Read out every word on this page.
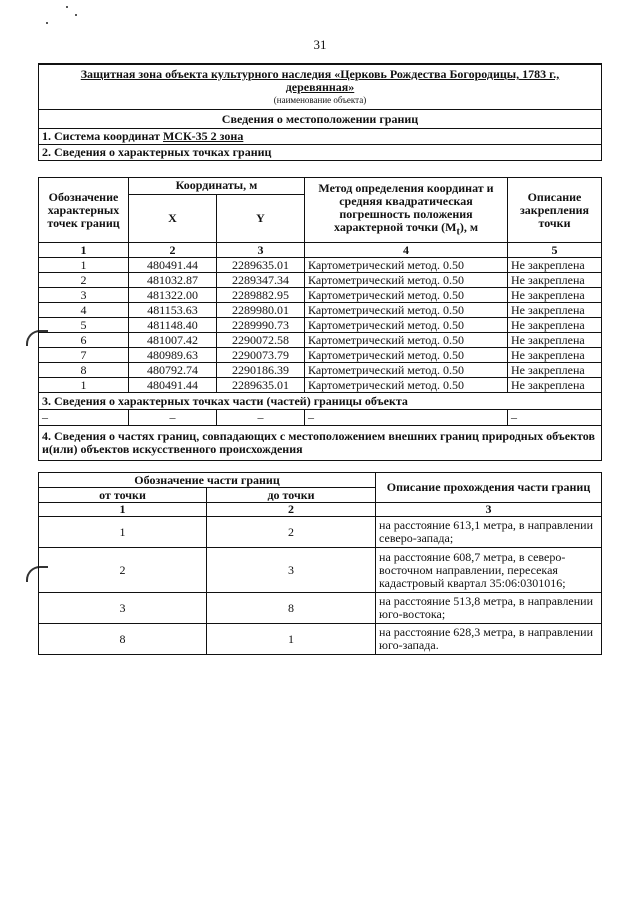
31
Защитная зона объекта культурного наследия «Церковь Рождества Богородицы, 1783 г.,
деревянная»
(наименование объекта)

Сведения о местоположении границ
1. Система координат МСК-35 2 зона
2. Сведения о характерных точках границ
Обозначение характерных точек границ	Координаты, м		Метод определения координат и средняя квадратическая погрешность положения характерной точки $(M_t)$, м	Описание закрепления точки
	X	Y		
1	2	3	4	5
1	480491.44	2289635.01	Картометрический метод. 0.50	Не закреплена
2	481032.87	2289347.34	Картометрический метод. 0.50	Не закреплена
3	481322.00	2289882.95	Картометрический метод. 0.50	Не закреплена
4	481153.63	2289980.01	Картометрический метод. 0.50	Не закреплена
5	481148.40	2289990.73	Картометрический метод. 0.50	Не закреплена
6	481007.42	2290072.58	Картометрический метод. 0.50	Не закреплена
7	480989.63	2290073.79	Картометрический метод. 0.50	Не закреплена
8	480792.74	2290186.39	Картометрический метод. 0.50	Не закреплена
1	480491.44	2289635.01	Картометрический метод. 0.50	Не закреплена
3. Сведения о характерных точках части (частей) границы объекта				
–	–	–	–	–
4. Сведения о частях границ, совпадающих с местоположением внешних границ природных объектов и(или) объектов искусственного происхождения				
Обозначение части границ		Описание прохождения части границ
от точки	до точки	
1	2	3
1	2	на расстояние 613,1 метра, в направлении северо-запада;
2	3	на расстояние 608,7 метра, в северо-восточном направлении, пересекая кадастровый квартал 35:06:0301016;
3	8	на расстояние 513,8 метра, в направлении юго-востока;
8	1	на расстояние 628,3 метра, в направлении юго-запада.
